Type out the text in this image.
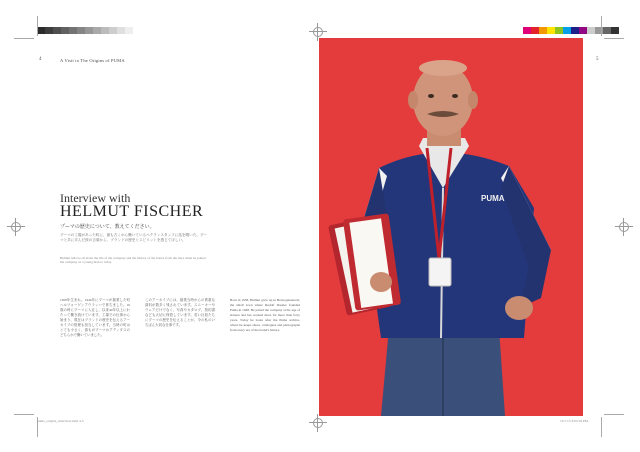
4	A Visit to The Origins of PUMA
Interview with
HELMUT FISCHER
プーマの歴史について、教えてください。
プーマの工場があった町に、最も古くから働いているベテランスタッフに話を聞いた。プーマと共に歩んだ彼の言葉から、ブランドの歴史とスピリットを感じてほしい。
Helmut tells us all about the life of the company and the history of the brand, from the days when he joined the company as a young man to today.
1958年生まれ。1949年にプーマが創業した町ヘルツォーゲンアウラッハで育ちました。16歳の時にプーマに入社し、以来40年以上にわたって働き続けています。工場での仕事から始まり、現在はブランドの歴史を伝えるアーカイブの管理も担当しています。当時の町はとても小さく、誰もがプーマかアディダスのどちらかで働いていました。
このアーカイブには、創業当時からの貴重な資料が数多く残されています。スニーカーやウェアだけでなく、写真やカタログ、契約書なども大切に保管しています。若い社員たちにプーマの歴史を伝えることが、今の私のいちばん大切な仕事です。
Born in 1958, Helmut grew up in Herzogenaurach, the small town where Rudolf Dassler founded Puma in 1948. He joined the company at the age of sixteen and has worked there for more than forty years. Today he looks after the Puma archive, where he keeps shoes, catalogues and photographs from every era of the brand's history.
puma_origins_interview.indd 4-5	10.7.13 4:05:16 PM
5
PUMA
